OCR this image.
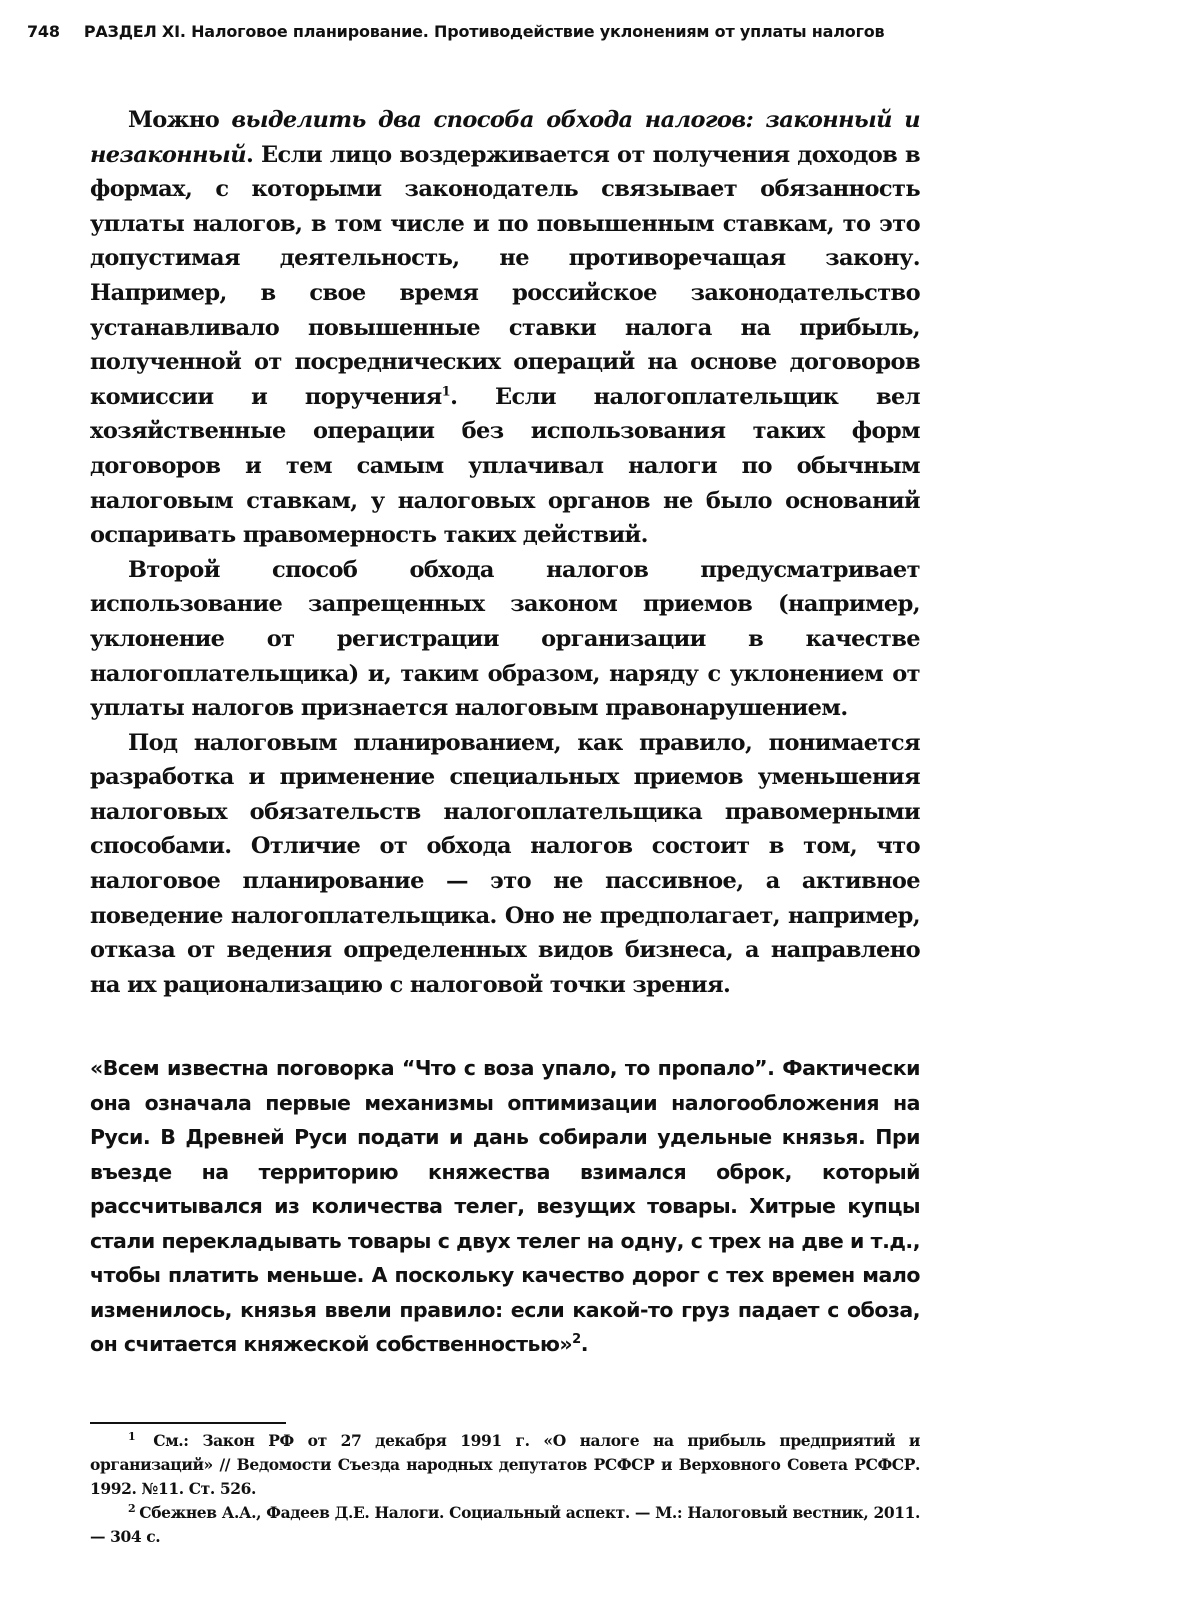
748 РАЗДЕЛ XI. Налоговое планирование. Противодействие уклонениям от уплаты налогов

Можно выделить два способа обхода налогов: законный и незаконный. Если лицо воздерживается от получения доходов в формах, с которыми законодатель связывает обязанность уплаты налогов, в том числе и по повышенным ставкам, то это допустимая деятельность, не противоречащая закону. Например, в свое время российское законодательство устанавливало повышенные ставки налога на прибыль, полученной от посреднических операций на основе договоров комиссии и поручения$^1$. Если налогоплательщик вел хозяйственные операции без использования таких форм договоров и тем самым уплачивал налоги по обычным налоговым ставкам, у налоговых органов не было оснований оспаривать правомерность таких действий.

Второй способ обхода налогов предусматривает использование запрещенных законом приемов (например, уклонение от регистрации организации в качестве налогоплательщика) и, таким образом, наряду с уклонением от уплаты налогов признается налоговым правонарушением.

Под налоговым планированием, как правило, понимается разработка и применение специальных приемов уменьшения налоговых обязательств налогоплательщика правомерными способами. Отличие от обхода налогов состоит в том, что налоговое планирование — это не пассивное, а активное поведение налогоплательщика. Оно не предполагает, например, отказа от ведения определенных видов бизнеса, а направлено на их рационализацию с налоговой точки зрения.

«Всем известна поговорка “Что с воза упало, то пропало”. Фактически она означала первые механизмы оптимизации налогообложения на Руси. В Древней Руси подати и дань собирали удельные князья. При въезде на территорию княжества взимался оброк, который рассчитывался из количества телег, везущих товары. Хитрые купцы стали перекладывать товары с двух телег на одну, с трех на две и т.д., чтобы платить меньше. А поскольку качество дорог с тех времен мало изменилось, князья ввели правило: если какой-то груз падает с обоза, он считается княжеской собственностью»$^2$.

$^1$ См.: Закон РФ от 27 декабря 1991 г. «О налоге на прибыль предприятий и организаций» // Ведомости Съезда народных депутатов РСФСР и Верховного Совета РСФСР. 1992. №11. Ст. 526.

$^2$ Сбежнев А.А., Фадеев Д.Е. Налоги. Социальный аспект. — М.: Налоговый вестник, 2011. — 304 с.
